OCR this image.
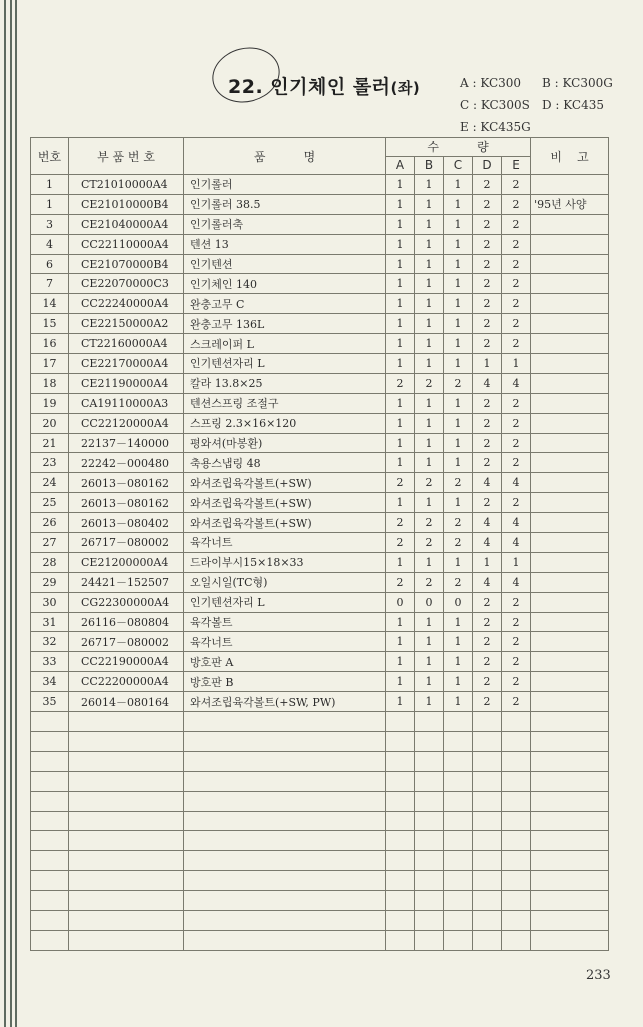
22. 인기체인 롤러(좌)	A : KC300 B : KC300G
C : KC300S D : KC435
E : KC435G
번호	부 품 번 호	품          명	수          량					비    고
			A	B	C	D	E	
1	CT21010000A4	인기롤러	1	1	1	2	2	
1	CE21010000B4	인기롤러 38.5	1	1	1	2	2	'95년 사양
3	CE21040000A4	인기롤러축	1	1	1	2	2	
4	CC22110000A4	텐션 13	1	1	1	2	2	
6	CE21070000B4	인기텐션	1	1	1	2	2	
7	CE22070000C3	인기체인 140	1	1	1	2	2	
14	CC22240000A4	완충고무 C	1	1	1	2	2	
15	CE22150000A2	완충고무 136L	1	1	1	2	2	
16	CT22160000A4	스크레이퍼 L	1	1	1	2	2	
17	CE22170000A4	인기텐션자리 L	1	1	1	1	1	
18	CE21190000A4	칼라 13.8×25	2	2	2	4	4	
19	CA19110000A3	텐션스프링 조절구	1	1	1	2	2	
20	CC22120000A4	스프링 2.3×16×120	1	1	1	2	2	
21	22137－140000	평와셔(마봉환)	1	1	1	2	2	
23	22242－000480	축용스냅링 48	1	1	1	2	2	
24	26013－080162	와셔조립육각볼트(+SW)	2	2	2	4	4	
25	26013－080162	와셔조립육각볼트(+SW)	1	1	1	2	2	
26	26013－080402	와셔조립육각볼트(+SW)	2	2	2	4	4	
27	26717－080002	육각너트	2	2	2	4	4	
28	CE21200000A4	드라이부시15×18×33	1	1	1	1	1	
29	24421－152507	오일시일(TC형)	2	2	2	4	4	
30	CG22300000A4	인기텐션자리 L	0	0	0	2	2	
31	26116－080804	육각볼트	1	1	1	2	2	
32	26717－080002	육각너트	1	1	1	2	2	
33	CC22190000A4	방호판 A	1	1	1	2	2	
34	CC22200000A4	방호판 B	1	1	1	2	2	
35	26014－080164	와셔조립육각볼트(+SW, PW)	1	1	1	2	2	

233
